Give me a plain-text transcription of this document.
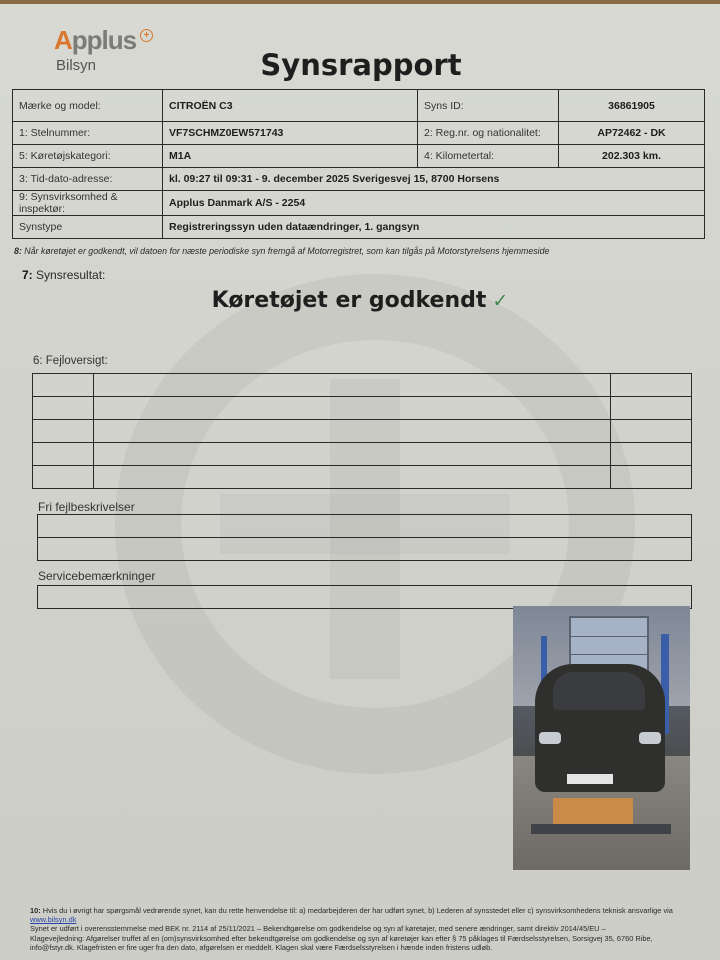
Applus +
Bilsyn	Synsrapport
Mærke og model:	CITROËN C3	Syns ID:	36861905
1: Stelnummer:	VF7SCHMZ0EW571743	2: Reg.nr. og nationalitet:	AP72462 - DK
5: Køretøjskategori:	M1A	4: Kilometertal:	202.303 km.
3: Tid-dato-adresse:	kl. 09:27 til 09:31 - 9. december 2025 Sverigesvej 15, 8700 Horsens		
9: Synsvirksomhed & inspektør:	Applus Danmark A/S - 2254		
Synstype	Registreringssyn uden dataændringer, 1. gangsyn		
8: Når køretøjet er godkendt, vil datoen for næste periodiske syn fremgå af Motorregistret, som kan tilgås på Motorstyrelsens hjemmeside
7: Synsresultat:
Køretøjet er godkendt ✓
6: Fejloversigt:

Fri fejlbeskrivelser
Servicebemærkninger
10: Hvis du i øvrigt har spørgsmål vedrørende synet, kan du rette henvendelse til: a) medarbejderen der har udført synet, b) Lederen af synsstedet eller c) synsvirksomhedens teknisk ansvarlige via www.bilsyn.dk
Synet er udført i overensstemmelse med BEK nr. 2114 af 25/11/2021 – Bekendtgørelse om godkendelse og syn af køretøjer, med senere ændringer, samt direktiv 2014/45/EU –
Klagevejledning: Afgørelser truffet af en (om)synsvirksomhed efter bekendtgørelse om godkendelse og syn af køretøjer kan efter § 75 påklages til Færdselsstyrelsen, Sorsigvej 35, 6760 Ribe, info@fstyr.dk. Klagefristen er fire uger fra den dato, afgørelsen er meddelt. Klagen skal være Færdselsstyrelsen i hænde inden fristens udløb.
